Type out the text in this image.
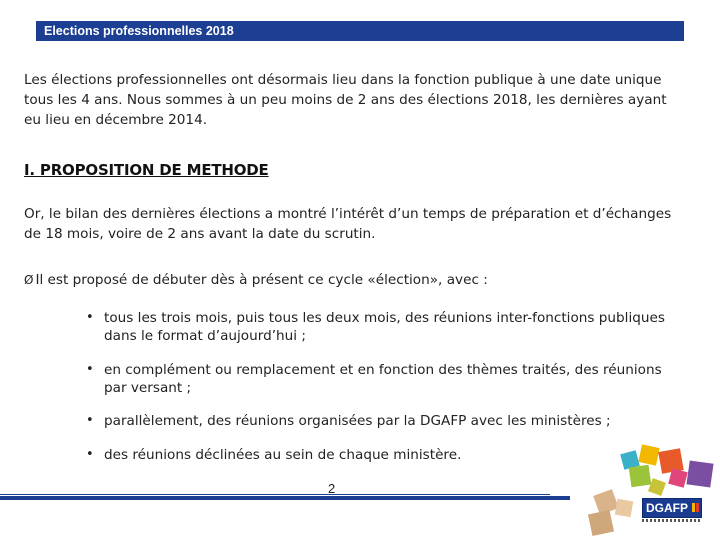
Elections professionnelles 2018

Les élections professionnelles ont désormais lieu dans la fonction publique à une date unique tous les 4 ans. Nous sommes à un peu moins de 2 ans des élections 2018, les dernières ayant eu lieu en décembre 2014.

I. PROPOSITION DE METHODE

Or, le bilan des dernières élections a montré l’intérêt d’un temps de préparation et d’échanges de 18 mois, voire de 2 ans avant la date du scrutin.

Ø Il est proposé de débuter dès à présent ce cycle «élection», avec :

• tous les trois mois, puis tous les deux mois, des réunions inter-fonctions publiques dans le format d’aujourd’hui ;
• en complément ou remplacement et en fonction des thèmes traités, des réunions par versant ;
• parallèlement, des réunions organisées par la DGAFP avec les ministères ;
• des réunions déclinées au sein de chaque ministère.
2
DGAFP
